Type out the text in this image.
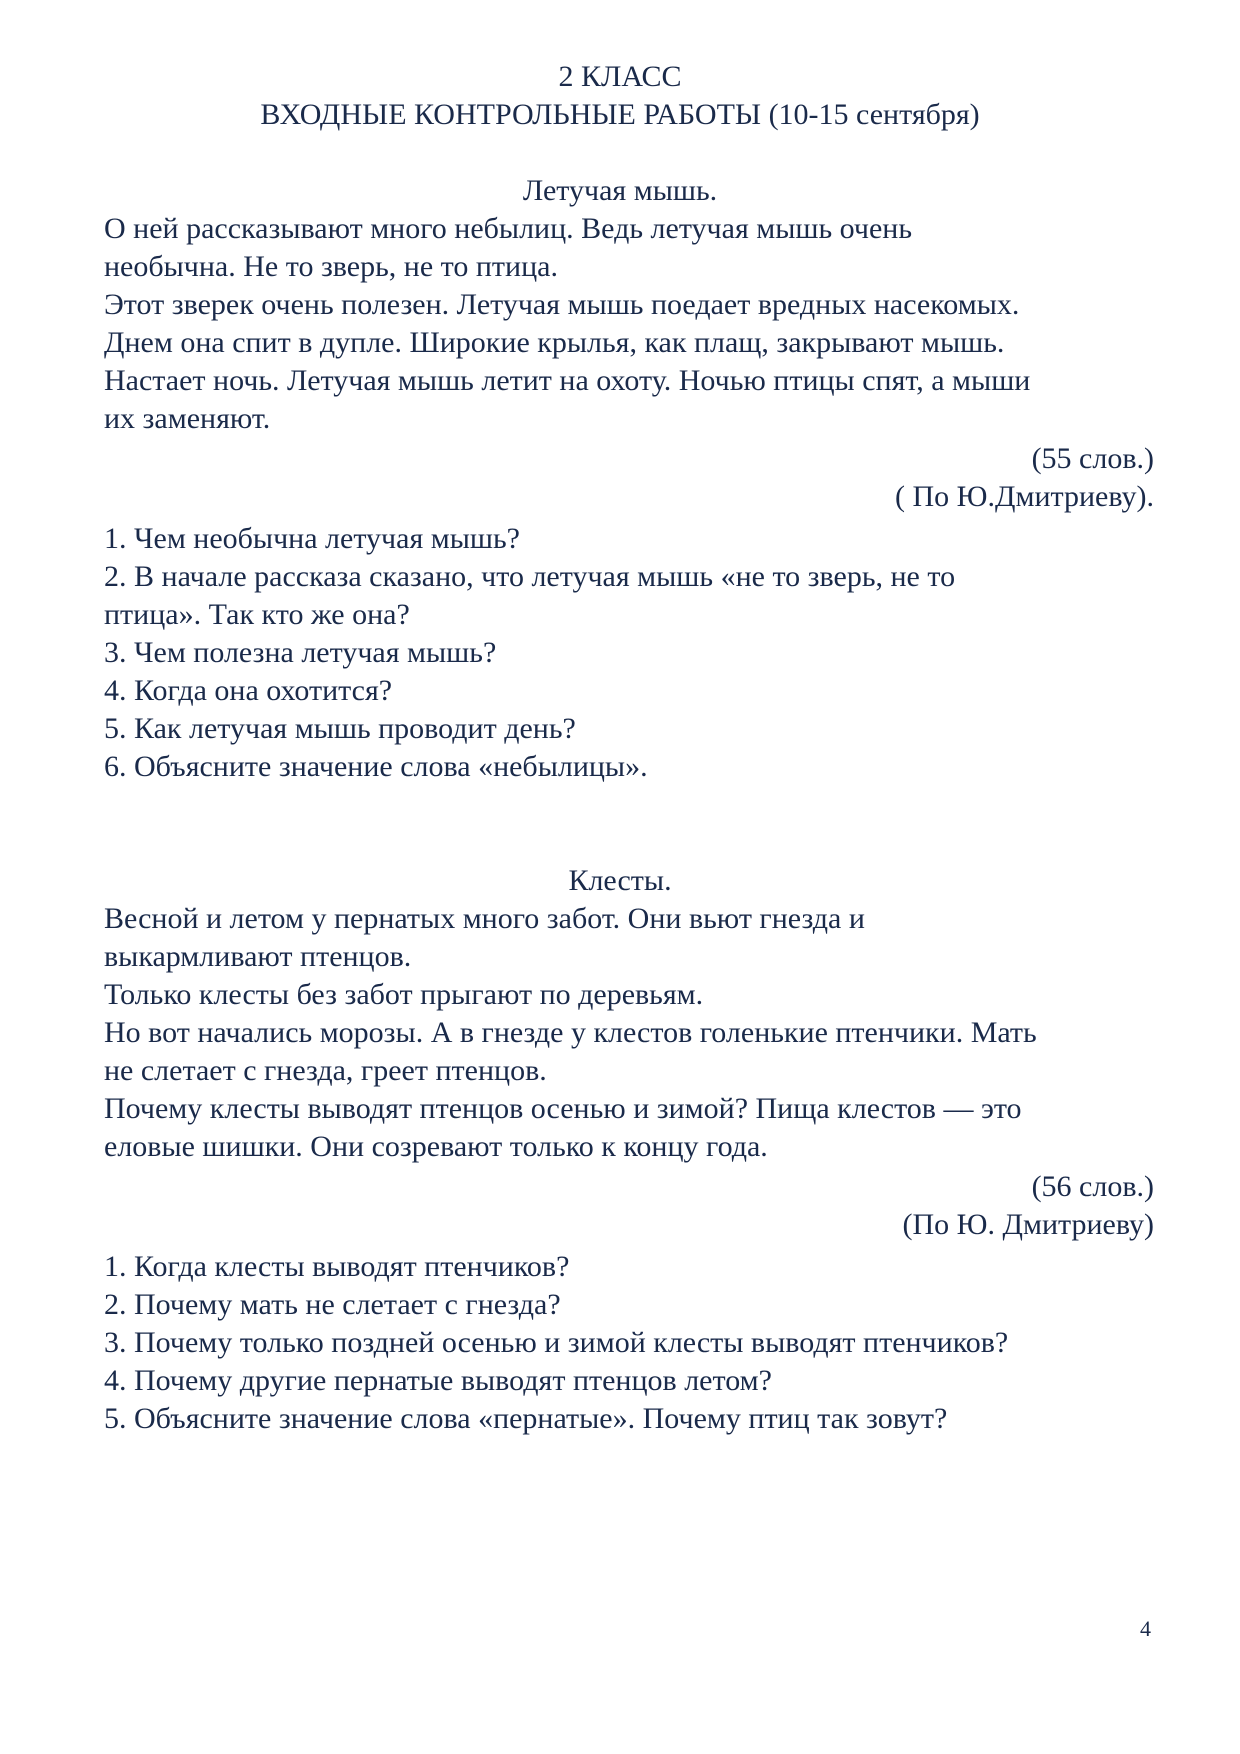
2 КЛАСС
ВХОДНЫЕ КОНТРОЛЬНЫЕ РАБОТЫ (10-15 сентября)
Летучая мышь.
О ней рассказывают много небылиц. Ведь летучая мышь очень
необычна. Не то зверь, не то птица.
Этот зверек очень полезен. Летучая мышь поедает вредных насекомых.
Днем она спит в дупле. Широкие крылья, как плащ, закрывают мышь.
Настает ночь. Летучая мышь летит на охоту. Ночью птицы спят, а мыши
их заменяют.
(55 слов.)
( По Ю.Дмитриеву).
1. Чем необычна летучая мышь?
2. В начале рассказа сказано, что летучая мышь «не то зверь, не то
птица». Так кто же она?
3. Чем полезна летучая мышь?
4. Когда она охотится?
5. Как летучая мышь проводит день?
6. Объясните значение слова «небылицы».
Клесты.
Весной и летом у пернатых много забот. Они вьют гнезда и
выкармливают птенцов.
Только клесты без забот прыгают по деревьям.
Но вот начались морозы. А в гнезде у клестов голенькие птенчики. Мать
не слетает с гнезда, греет птенцов.
Почему клесты выводят птенцов осенью и зимой? Пища клестов — это
еловые шишки. Они созревают только к концу года.
(56 слов.)
(По Ю. Дмитриеву)
1. Когда клесты выводят птенчиков?
2. Почему мать не слетает с гнезда?
3. Почему только поздней осенью и зимой клесты выводят птенчиков?
4. Почему другие пернатые выводят птенцов летом?
5. Объясните значение слова «пернатые». Почему птиц так зовут?
4
